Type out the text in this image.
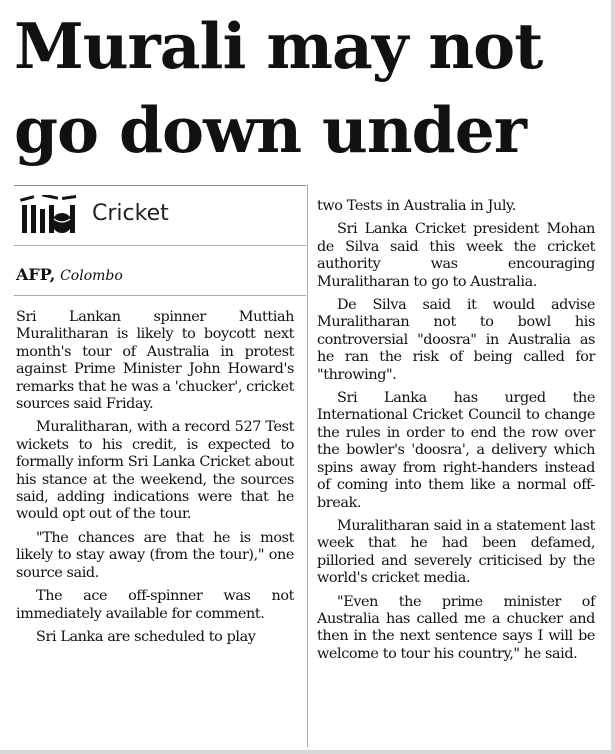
Murali may not go down under
Cricket
AFP, Colombo

Sri Lankan spinner Muttiah Muralitharan is likely to boycott next month's tour of Australia in protest against Prime Minister John Howard's remarks that he was a 'chucker', cricket sources said Friday.

Muralitharan, with a record 527 Test wickets to his credit, is expected to formally inform Sri Lanka Cricket about his stance at the weekend, the sources said, adding indications were that he would opt out of the tour.

"The chances are that he is most likely to stay away (from the tour)," one source said.

The ace off-spinner was not immediately available for comment.

Sri Lanka are scheduled to play

two Tests in Australia in July.

Sri Lanka Cricket president Mohan de Silva said this week the cricket authority was encouraging Muralitharan to go to Australia.

De Silva said it would advise Muralitharan not to bowl his controversial "doosra" in Australia as he ran the risk of being called for "throwing".

Sri Lanka has urged the International Cricket Council to change the rules in order to end the row over the bowler's 'doosra', a delivery which spins away from right-handers instead of coming into them like a normal off-break.

Muralitharan said in a statement last week that he had been defamed, pilloried and severely criticised by the world's cricket media.

"Even the prime minister of Australia has called me a chucker and then in the next sentence says I will be welcome to tour his country," he said.
